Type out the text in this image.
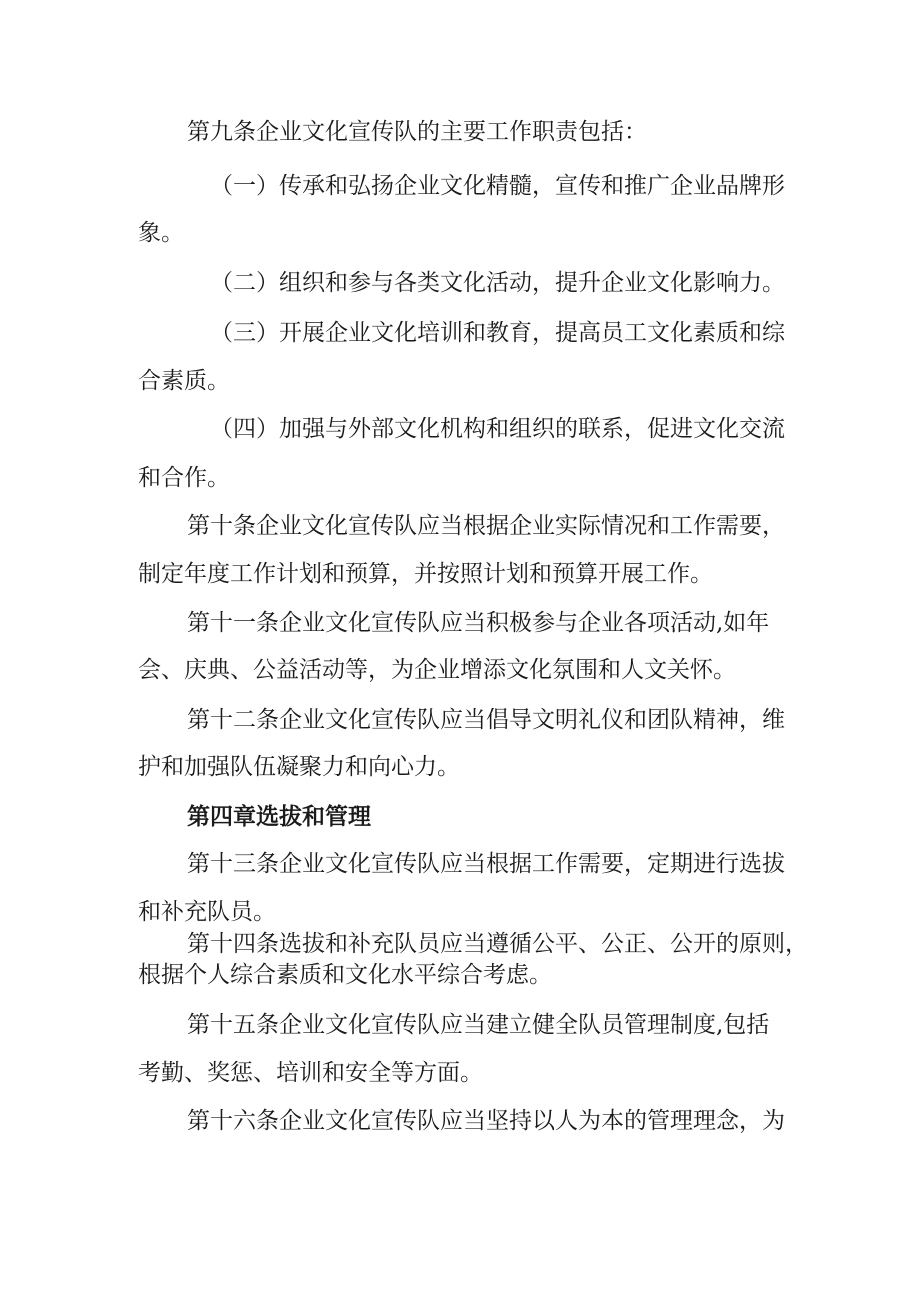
第九条企业文化宣传队的主要工作职责包括：
（一）传承和弘扬企业文化精髓，宣传和推广企业品牌形
象。
（二）组织和参与各类文化活动，提升企业文化影响力。
（三）开展企业文化培训和教育，提高员工文化素质和综
合素质。
（四）加强与外部文化机构和组织的联系，促进文化交流
和合作。
第十条企业文化宣传队应当根据企业实际情况和工作需要，
制定年度工作计划和预算，并按照计划和预算开展工作。
第十一条企业文化宣传队应当积极参与企业各项活动,如年
会、庆典、公益活动等，为企业增添文化氛围和人文关怀。
第十二条企业文化宣传队应当倡导文明礼仪和团队精神，维
护和加强队伍凝聚力和向心力。
第四章选拔和管理
第十三条企业文化宣传队应当根据工作需要，定期进行选拔
和补充队员。
第十四条选拔和补充队员应当遵循公平、公正、公开的原则，
根据个人综合素质和文化水平综合考虑。
第十五条企业文化宣传队应当建立健全队员管理制度,包括
考勤、奖惩、培训和安全等方面。
第十六条企业文化宣传队应当坚持以人为本的管理理念，为
